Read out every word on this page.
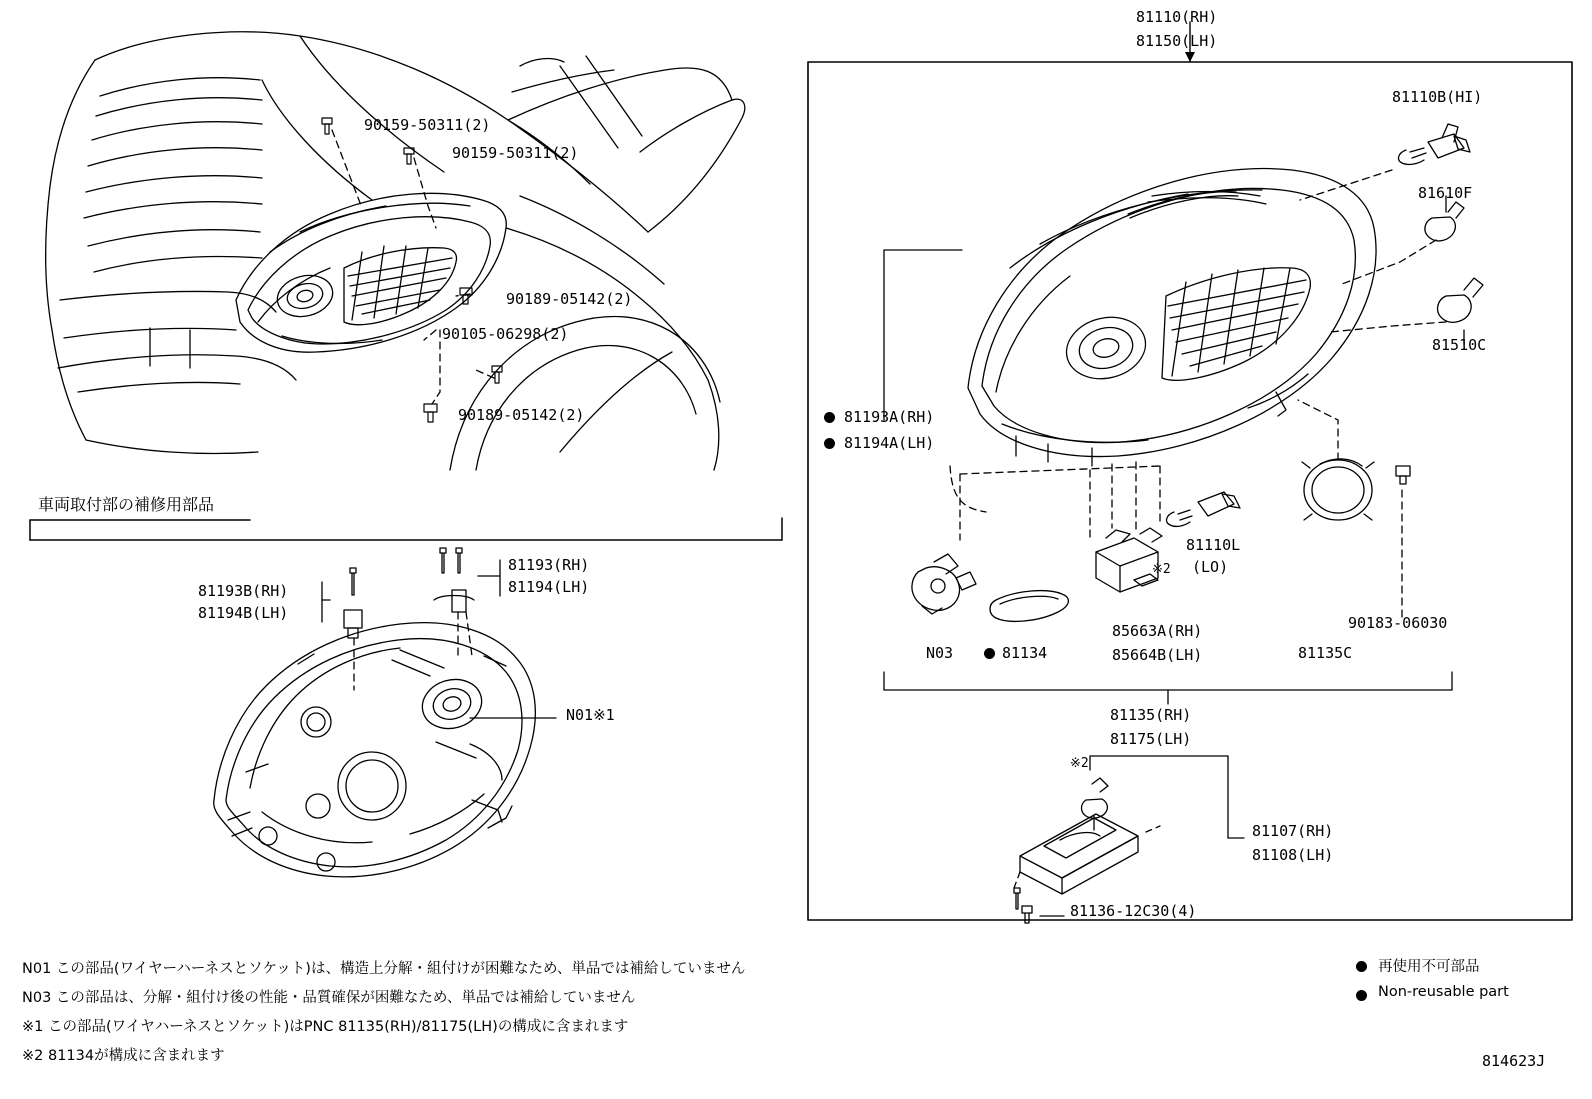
90159-50311(2)
90159-50311(2)
90189-05142(2)
90105-06298(2)
90189-05142(2)
車両取付部の補修用部品
81193B(RH)
81194B(LH)
81193(RH)
81194(LH)
N01※1
81110(RH)
81150(LH)
81110B(HI)
81610F
81510C
81193A(RH)
81194A(LH)
81110L
(LO)
※2
N03	81134
85663A(RH)
85664B(LH)	81135C
90183-06030
81135(RH)
81175(LH)
※2
81107(RH)
81108(LH)
81136-12C30(4)
N01 この部品(ワイヤーハーネスとソケット)は、構造上分解・組付けが困難なため、単品では補給していません
N03 この部品は、分解・組付け後の性能・品質確保が困難なため、単品では補給していません
※1 この部品(ワイヤハーネスとソケット)はPNC 81135(RH)/81175(LH)の構成に含まれます
※2 81134が構成に含まれます
再使用不可部品
Non-reusable part
814623J
